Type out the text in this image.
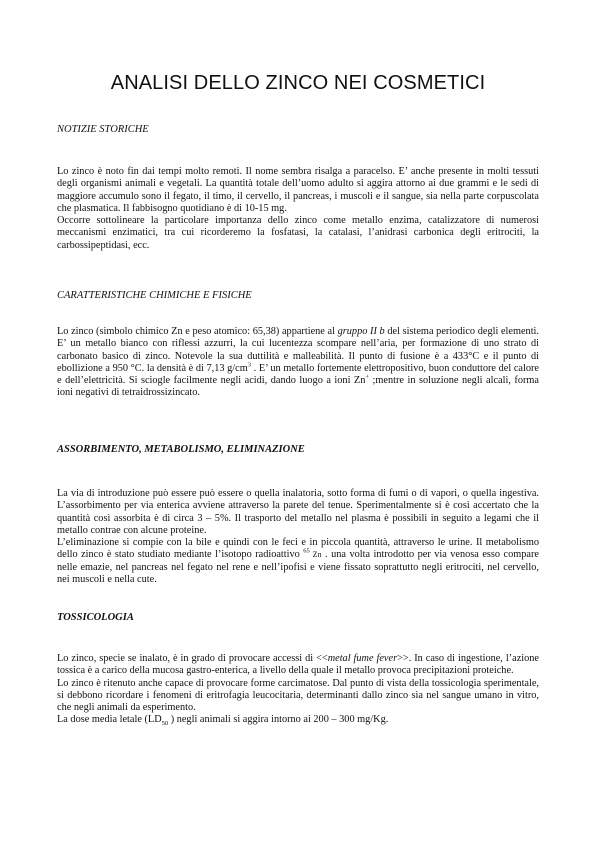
ANALISI DELLO ZINCO NEI COSMETICI
NOTIZIE STORICHE

Lo zinco è noto fin dai tempi molto remoti. Il nome sembra risalga a paracelso. E’ anche presente in molti tessuti degli organismi animali e vegetali. La quantità totale dell’uomo adulto si aggira attorno ai due grammi e le sedi di maggiore accumulo sono il fegato, il timo, il cervello, il pancreas, i muscoli e il sangue, sia nella parte corpuscolata che plasmatica. Il fabbisogno quotidiano è di 10-15 mg.
Occorre sottolineare la particolare importanza dello zinco come metallo enzima, catalizzatore di numerosi meccanismi enzimatici, tra cui ricorderemo la fosfatasi, la catalasi, l’anidrasi carbonica degli eritrociti, la carbossipeptidasi, ecc.

CARATTERISTICHE CHIMICHE E FISICHE

Lo zinco (simbolo chimico Zn e peso atomico: 65,38) appartiene al gruppo II b del sistema periodico degli elementi. E’ un metallo bianco con riflessi azzurri, la cui lucentezza scompare nell’aria, per formazione di uno strato di carbonato basico di zinco. Notevole la sua duttilità e malleabilità. Il punto di fusione è a 433°C e il punto di ebollizione a 950 °C. la densità è di 7,13 $g/cm^3$ . E’ un metallo fortemente elettropositivo, buon conduttore del calore e dell’elettricità. Si sciogle facilmente negli acidi, dando luogo a ioni Zn+ ;mentre in soluzione negli alcali, forma ioni negativi di tetraidrossizincato.

ASSORBIMENTO, METABOLISMO, ELIMINAZIONE

La via di introduzione può essere può essere o quella inalatoria, sotto forma di fumi o di vapori, o quella ingestiva. L’assorbimento per via enterica avviene attraverso la parete del tenue. Sperimentalmente si è così accertato che la quantità così assorbita è di circa 3 – 5%. Il trasporto del metallo nel plasma è possibili in seguito a legami che il metallo contrae con alcune proteine.
L’eliminazione si compie con la bile e quindi con le feci e in piccola quantità, attraverso le urine. Il metabolismo dello zinco è stato studiato mediante l’isotopo radioattivo $^{65}$ Zn . una volta introdotto per via venosa esso compare nelle emazie, nel pancreas nel fegato nel rene e nell’ipofisi e viene fissato soprattutto negli eritrociti, nel cervello, nei muscoli e nella cute.

TOSSICOLOGIA

Lo zinco, specie se inalato, è in grado di provocare accessi di <<metal fume fever>>. In caso di ingestione, l’azione tossica è a carico della mucosa gastro-enterica, a livello della quale il metallo provoca precipitazioni proteiche.
Lo zinco è ritenuto anche capace di provocare forme carcimatose. Dal punto di vista della tossicologia sperimentale, si debbono ricordare i fenomeni di eritrofagia leucocitaria, determinanti dallo zinco sia nel sangue umano in vitro, che negli animali da esperimento.
La dose media letale ($LD_{50}$ ) negli animali si aggira intorno ai 200 – 300 mg/Kg.
